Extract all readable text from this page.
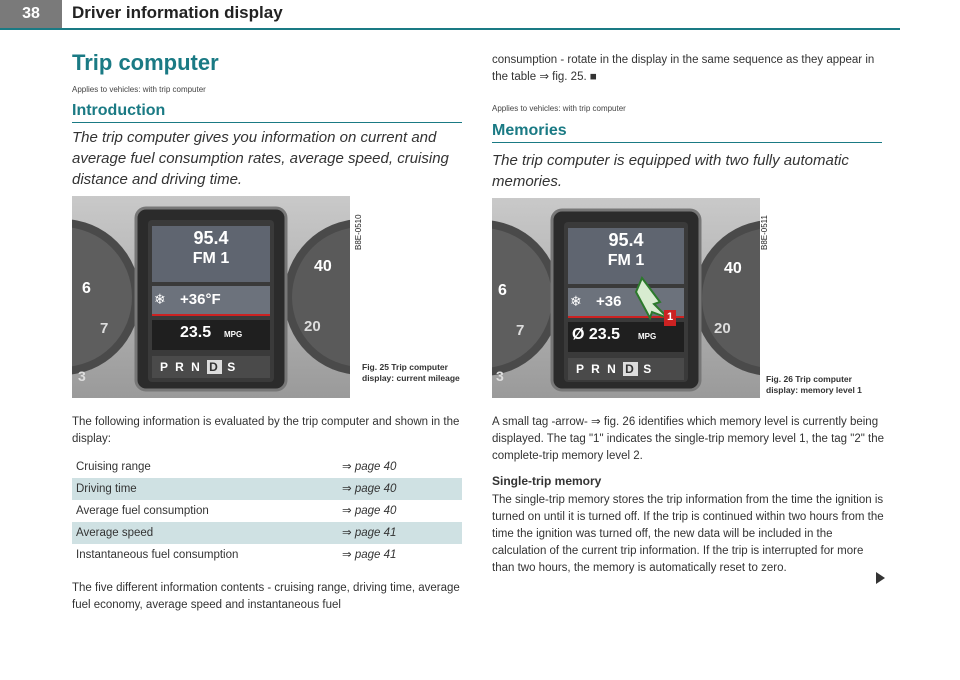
38	Driver information display
Trip computer
Applies to vehicles: with trip computer
Introduction
The trip computer gives you information on current and average fuel consumption rates, average speed, cruising distance and driving time.
6
7
3
40
20
95.4
FM 1
❄ +36°F
23.5 MPG
P R N D S
B8E-0510
Fig. 25 Trip computer display: current mileage
The following information is evaluated by the trip computer and shown in the display:
Cruising range	⇒ page 40
Driving time	⇒ page 40
Average fuel consumption	⇒ page 40
Average speed	⇒ page 41
Instantaneous fuel consumption	⇒ page 41
The five different information contents - cruising range, driving time, average fuel economy, average speed and instantaneous fuel
consumption - rotate in the display in the same sequence as they appear in the table ⇒ fig. 25. ■
Applies to vehicles: with trip computer
Memories
The trip computer is equipped with two fully automatic memories.
6
7
3
40
20
95.4
FM 1
❄ +36
Ø 23.5 MPG
1
P R N D S
B8E-0511
Fig. 26 Trip computer display: memory level 1
A small tag -arrow- ⇒ fig. 26 identifies which memory level is currently being displayed. The tag "1" indicates the single-trip memory level 1, the tag "2" the complete-trip memory level 2.
Single-trip memory
The single-trip memory stores the trip information from the time the ignition is turned on until it is turned off. If the trip is continued within two hours from the time the ignition was turned off, the new data will be included in the calculation of the current trip information. If the trip is interrupted for more than two hours, the memory is automatically reset to zero.
